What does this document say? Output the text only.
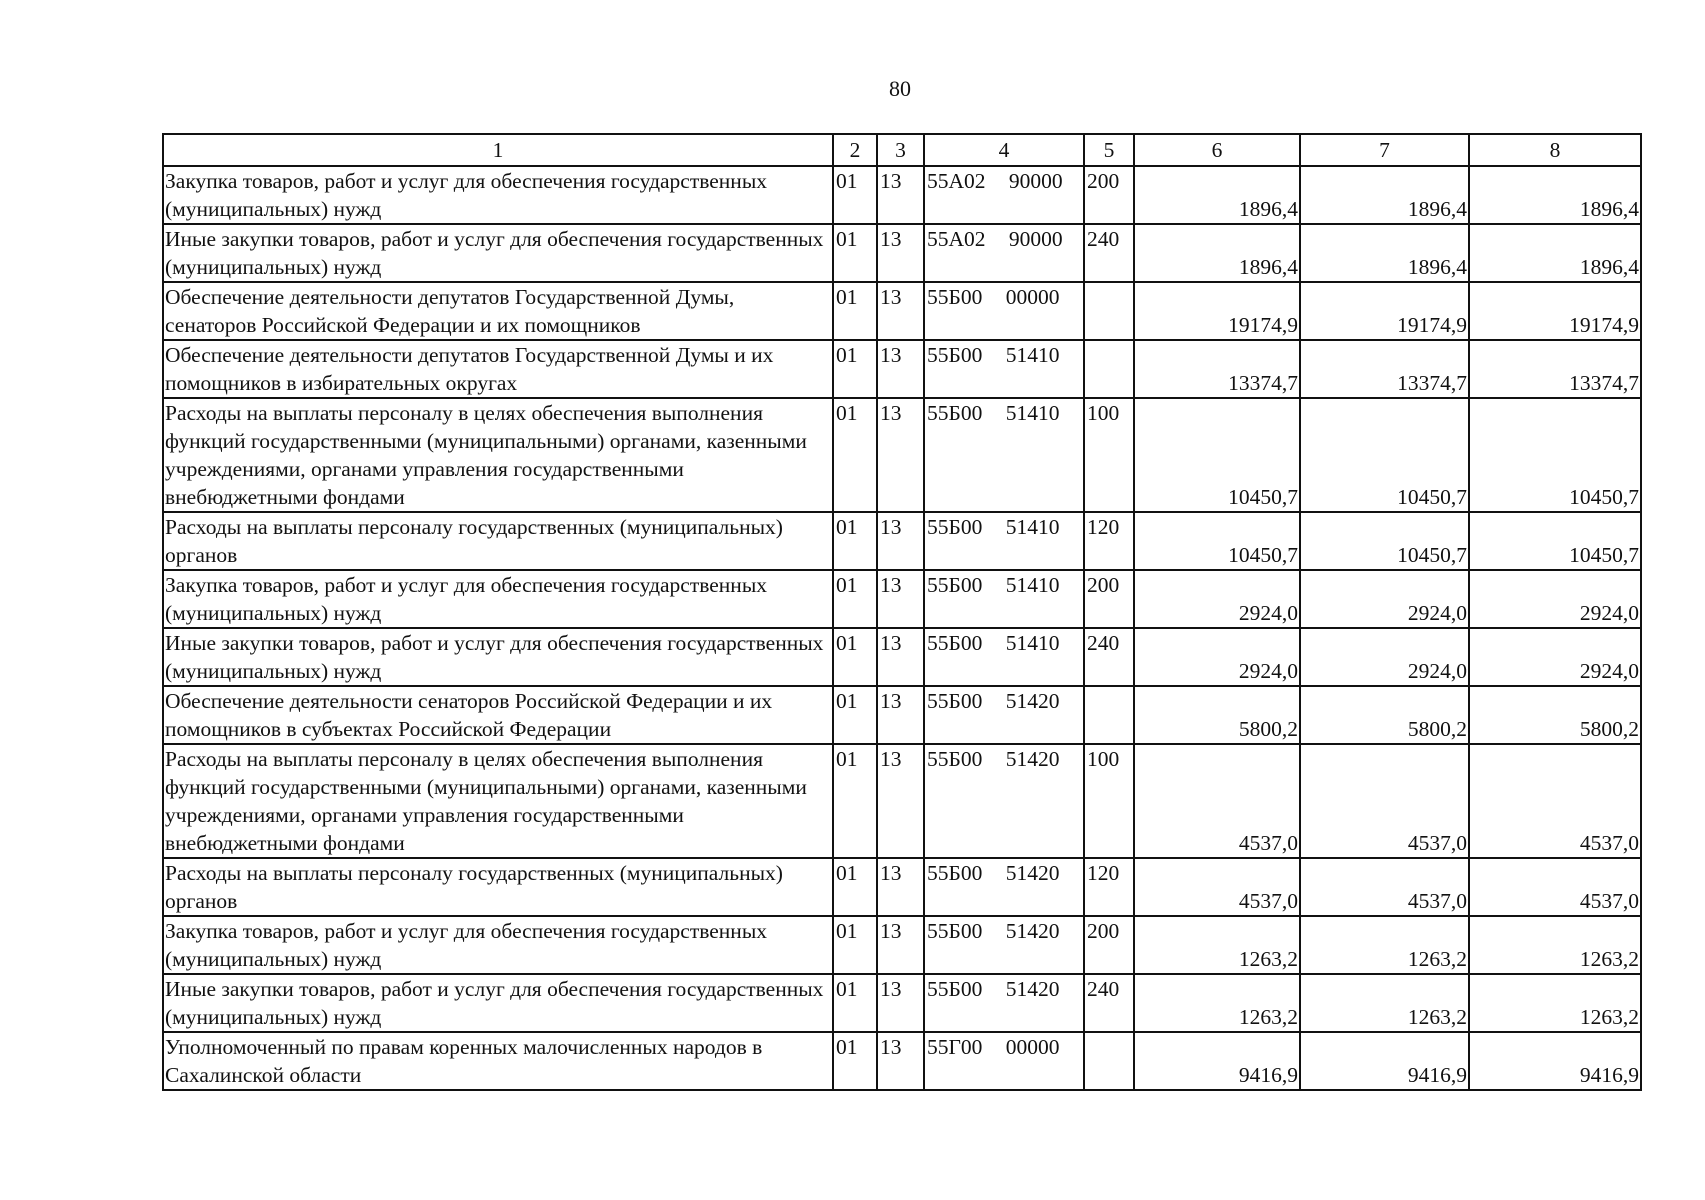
80
1	2	3	4	5	6	7	8
Закупка товаров, работ и услуг для обеспечения государственных (муниципальных) нужд	01	13	55А02 90000	200	1896,4	1896,4	1896,4
Иные закупки товаров, работ и услуг для обеспечения государственных (муниципальных) нужд	01	13	55А02 90000	240	1896,4	1896,4	1896,4
Обеспечение деятельности депутатов Государственной Думы, сенаторов Российской Федерации и их помощников	01	13	55Б00 00000		19174,9	19174,9	19174,9
Обеспечение деятельности депутатов Государственной Думы и их помощников в избирательных округах	01	13	55Б00 51410		13374,7	13374,7	13374,7
Расходы на выплаты персоналу в целях обеспечения выполнения функций государственными (муниципальными) органами, казенными учреждениями, органами управления государственными внебюджетными фондами	01	13	55Б00 51410	100	10450,7	10450,7	10450,7
Расходы на выплаты персоналу государственных (муниципальных) органов	01	13	55Б00 51410	120	10450,7	10450,7	10450,7
Закупка товаров, работ и услуг для обеспечения государственных (муниципальных) нужд	01	13	55Б00 51410	200	2924,0	2924,0	2924,0
Иные закупки товаров, работ и услуг для обеспечения государственных (муниципальных) нужд	01	13	55Б00 51410	240	2924,0	2924,0	2924,0
Обеспечение деятельности сенаторов Российской Федерации и их помощников в субъектах Российской Федерации	01	13	55Б00 51420		5800,2	5800,2	5800,2
Расходы на выплаты персоналу в целях обеспечения выполнения функций государственными (муниципальными) органами, казенными учреждениями, органами управления государственными внебюджетными фондами	01	13	55Б00 51420	100	4537,0	4537,0	4537,0
Расходы на выплаты персоналу государственных (муниципальных) органов	01	13	55Б00 51420	120	4537,0	4537,0	4537,0
Закупка товаров, работ и услуг для обеспечения государственных (муниципальных) нужд	01	13	55Б00 51420	200	1263,2	1263,2	1263,2
Иные закупки товаров, работ и услуг для обеспечения государственных (муниципальных) нужд	01	13	55Б00 51420	240	1263,2	1263,2	1263,2
Уполномоченный по правам коренных малочисленных народов в Сахалинской области	01	13	55Г00 00000		9416,9	9416,9	9416,9
